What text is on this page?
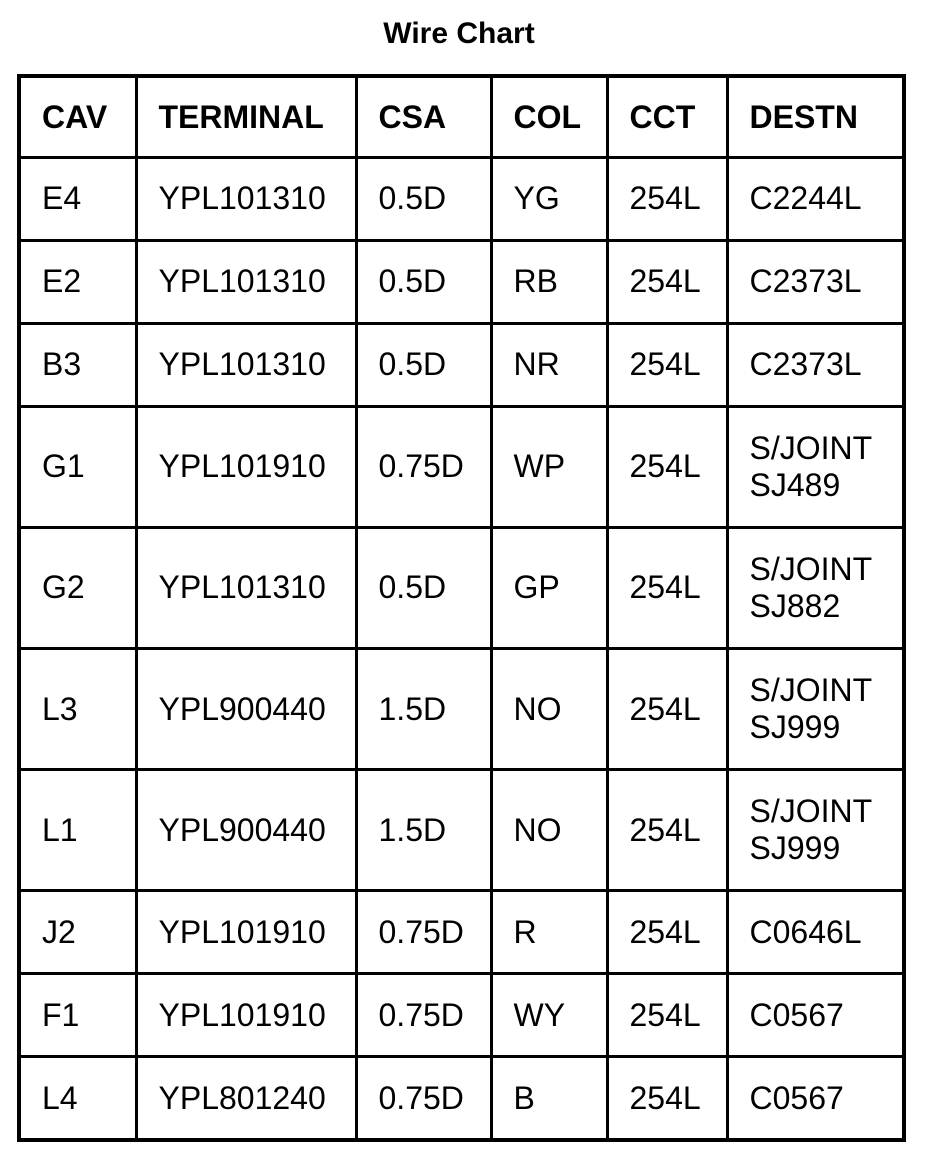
Wire Chart
CAV	TERMINAL	CSA	COL	CCT	DESTN
E4	YPL101310	0.5D	YG	254L	C2244L

E2	YPL101310	0.5D	RB	254L	C2373L

B3	YPL101310	0.5D	NR	254L	C2373L

G1	YPL101910	0.75D	WP	254L	S/JOINT
SJ489

G2	YPL101310	0.5D	GP	254L	S/JOINT
SJ882

L3	YPL900440	1.5D	NO	254L	S/JOINT
SJ999

L1	YPL900440	1.5D	NO	254L	S/JOINT
SJ999

J2	YPL101910	0.75D	R	254L	C0646L

F1	YPL101910	0.75D	WY	254L	C0567

L4	YPL801240	0.75D	B	254L	C0567
